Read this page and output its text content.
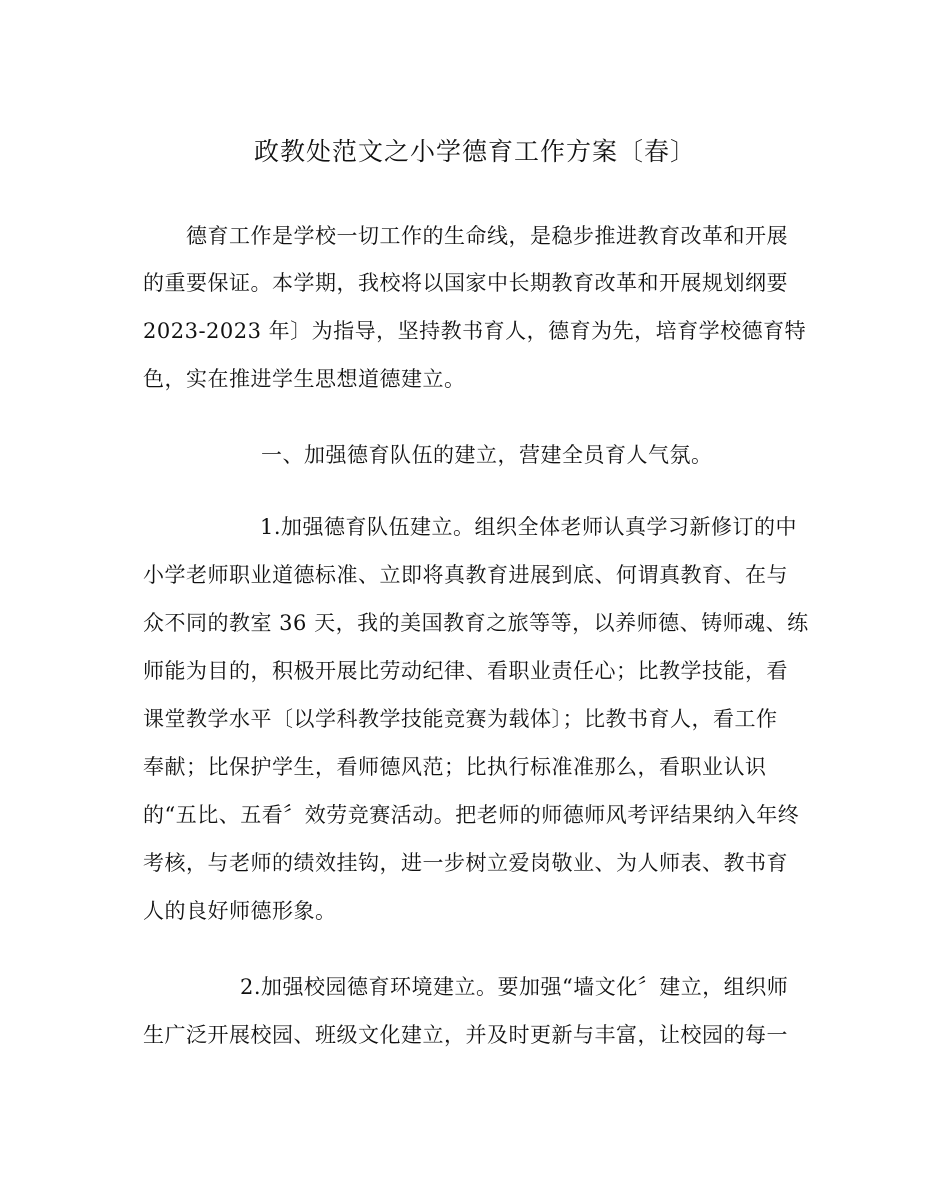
政教处范文之小学德育工作方案〔春〕
德育工作是学校一切工作的生命线，是稳步推进教育改革和开展
的重要保证。本学期，我校将以国家中长期教育改革和开展规划纲要
2023-2023 年〕为指导，坚持教书育人，德育为先，培育学校德育特
色，实在推进学生思想道德建立。
一、加强德育队伍的建立，营建全员育人气氛。
1.加强德育队伍建立。组织全体老师认真学习新修订的中
小学老师职业道德标准、立即将真教育进展到底、何谓真教育、在与
众不同的教室 36 天，我的美国教育之旅等等，以养师德、铸师魂、练
师能为目的，积极开展比劳动纪律、看职业责任心；比教学技能，看
课堂教学水平〔以学科教学技能竞赛为载体〕；比教书育人，看工作
奉献；比保护学生，看师德风范；比执行标准准那么，看职业认识
的“五比、五看〞效劳竞赛活动。把老师的师德师风考评结果纳入年终
考核，与老师的绩效挂钩，进一步树立爱岗敬业、为人师表、教书育
人的良好师德形象。
2.加强校园德育环境建立。要加强“墙文化〞建立，组织师
生广泛开展校园、班级文化建立，并及时更新与丰富，让校园的每一
